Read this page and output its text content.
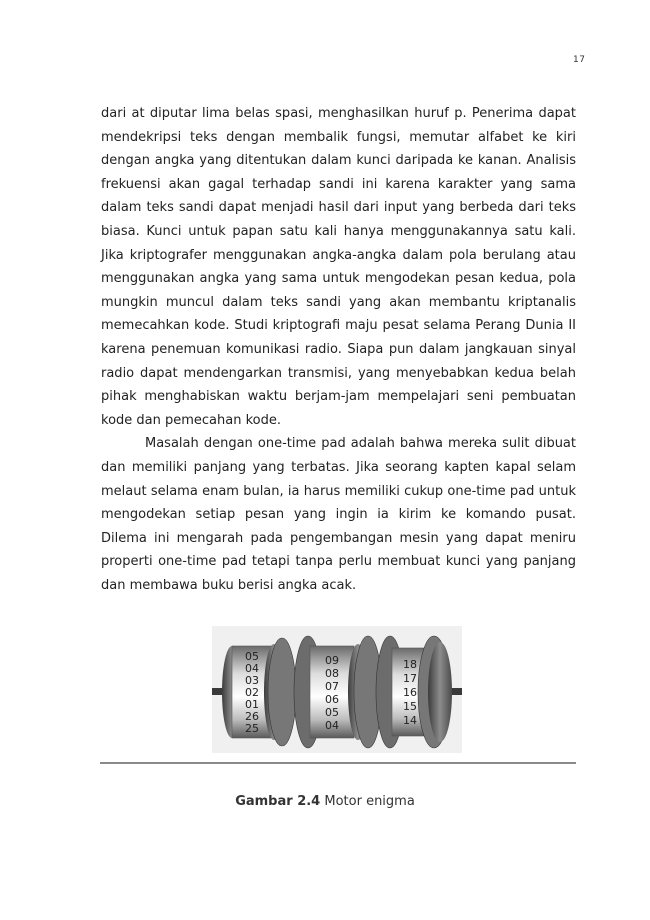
17

dari at diputar lima belas spasi, menghasilkan huruf p. Penerima dapat mendekripsi teks dengan membalik fungsi, memutar alfabet ke kiri dengan angka yang ditentukan dalam kunci daripada ke kanan. Analisis frekuensi akan gagal terhadap sandi ini karena karakter yang sama dalam teks sandi dapat menjadi hasil dari input yang berbeda dari teks biasa. Kunci untuk papan satu kali hanya menggunakannya satu kali. Jika kriptografer menggunakan angka-angka dalam pola berulang atau menggunakan angka yang sama untuk mengodekan pesan kedua, pola mungkin muncul dalam teks sandi yang akan membantu kriptanalis memecahkan kode. Studi kriptografi maju pesat selama Perang Dunia II karena penemuan komunikasi radio. Siapa pun dalam jangkauan sinyal radio dapat mendengarkan transmisi, yang menyebabkan kedua belah pihak menghabiskan waktu berjam-jam mempelajari seni pembuatan kode dan pemecahan kode.

Masalah dengan one-time pad adalah bahwa mereka sulit dibuat dan memiliki panjang yang terbatas. Jika seorang kapten kapal selam melaut selama enam bulan, ia harus memiliki cukup one-time pad untuk mengodekan setiap pesan yang ingin ia kirim ke komando pusat. Dilema ini mengarah pada pengembangan mesin yang dapat meniru properti one-time pad tetapi tanpa perlu membuat kunci yang panjang dan membawa buku berisi angka acak.

05
04
03
02
01
26
25
09
08
07
06
05
04
18
17
16
15
14
Gambar 2.4 Motor enigma
